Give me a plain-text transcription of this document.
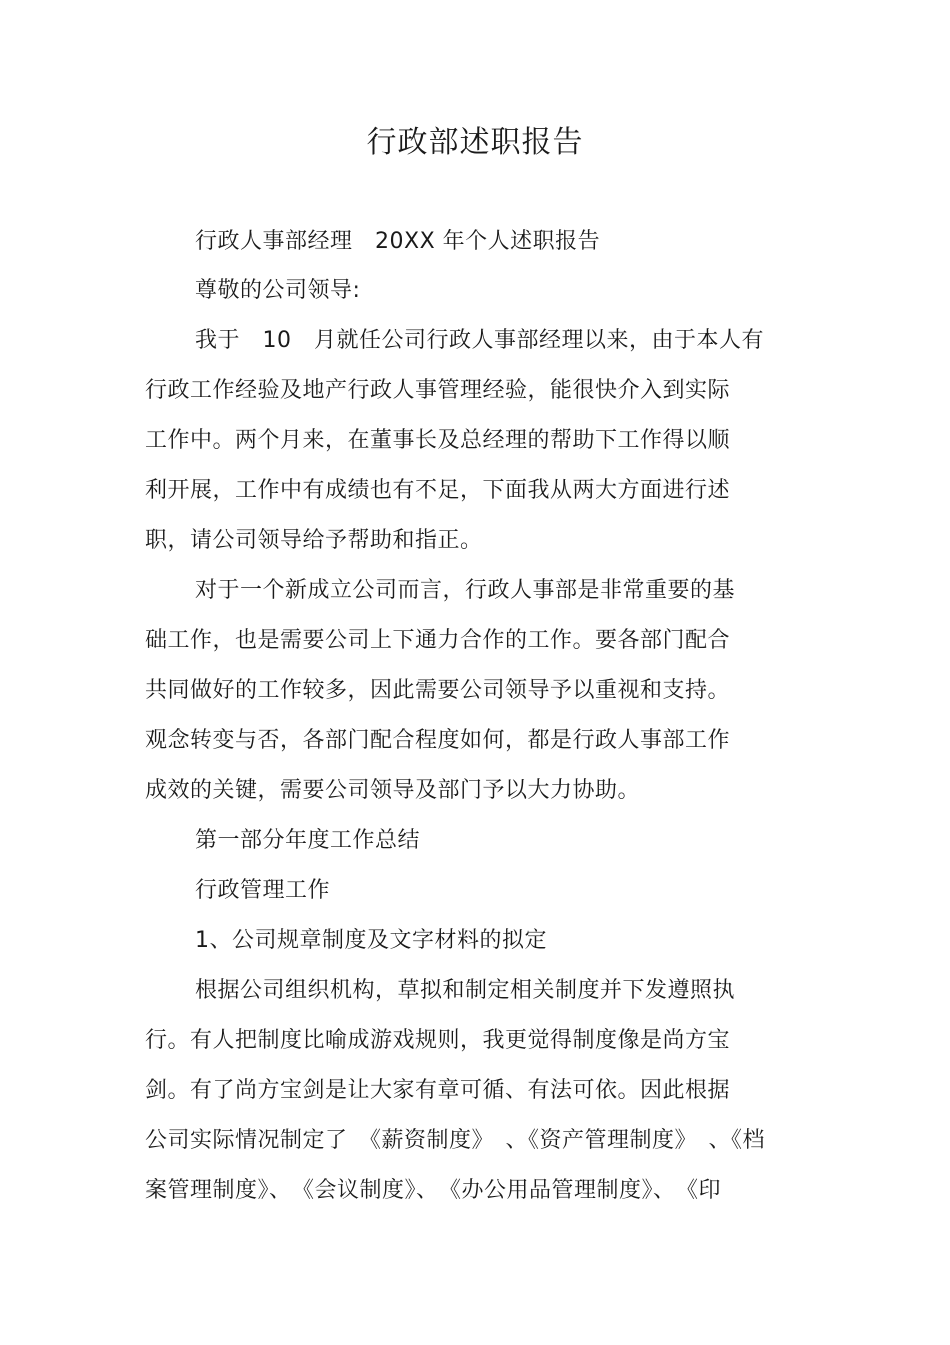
行政部述职报告
行政人事部经理　20XX 年个人述职报告
尊敬的公司领导:
我于　10　月就任公司行政人事部经理以来，由于本人有
行政工作经验及地产行政人事管理经验，能很快介入到实际
工作中。两个月来，在董事长及总经理的帮助下工作得以顺
利开展，工作中有成绩也有不足，下面我从两大方面进行述
职，请公司领导给予帮助和指正。
对于一个新成立公司而言，行政人事部是非常重要的基
础工作，也是需要公司上下通力合作的工作。要各部门配合
共同做好的工作较多，因此需要公司领导予以重视和支持。
观念转变与否，各部门配合程度如何，都是行政人事部工作
成效的关键，需要公司领导及部门予以大力协助。
第一部分年度工作总结
行政管理工作
1、公司规章制度及文字材料的拟定
根据公司组织机构，草拟和制定相关制度并下发遵照执
行。有人把制度比喻成游戏规则，我更觉得制度像是尚方宝
剑。有了尚方宝剑是让大家有章可循、有法可依。因此根据
公司实际情况制定了　《薪资制度》　、《资产管理制度》　、《档
案管理制度》、　《会议制度》、　《办公用品管理制度》、　《印
